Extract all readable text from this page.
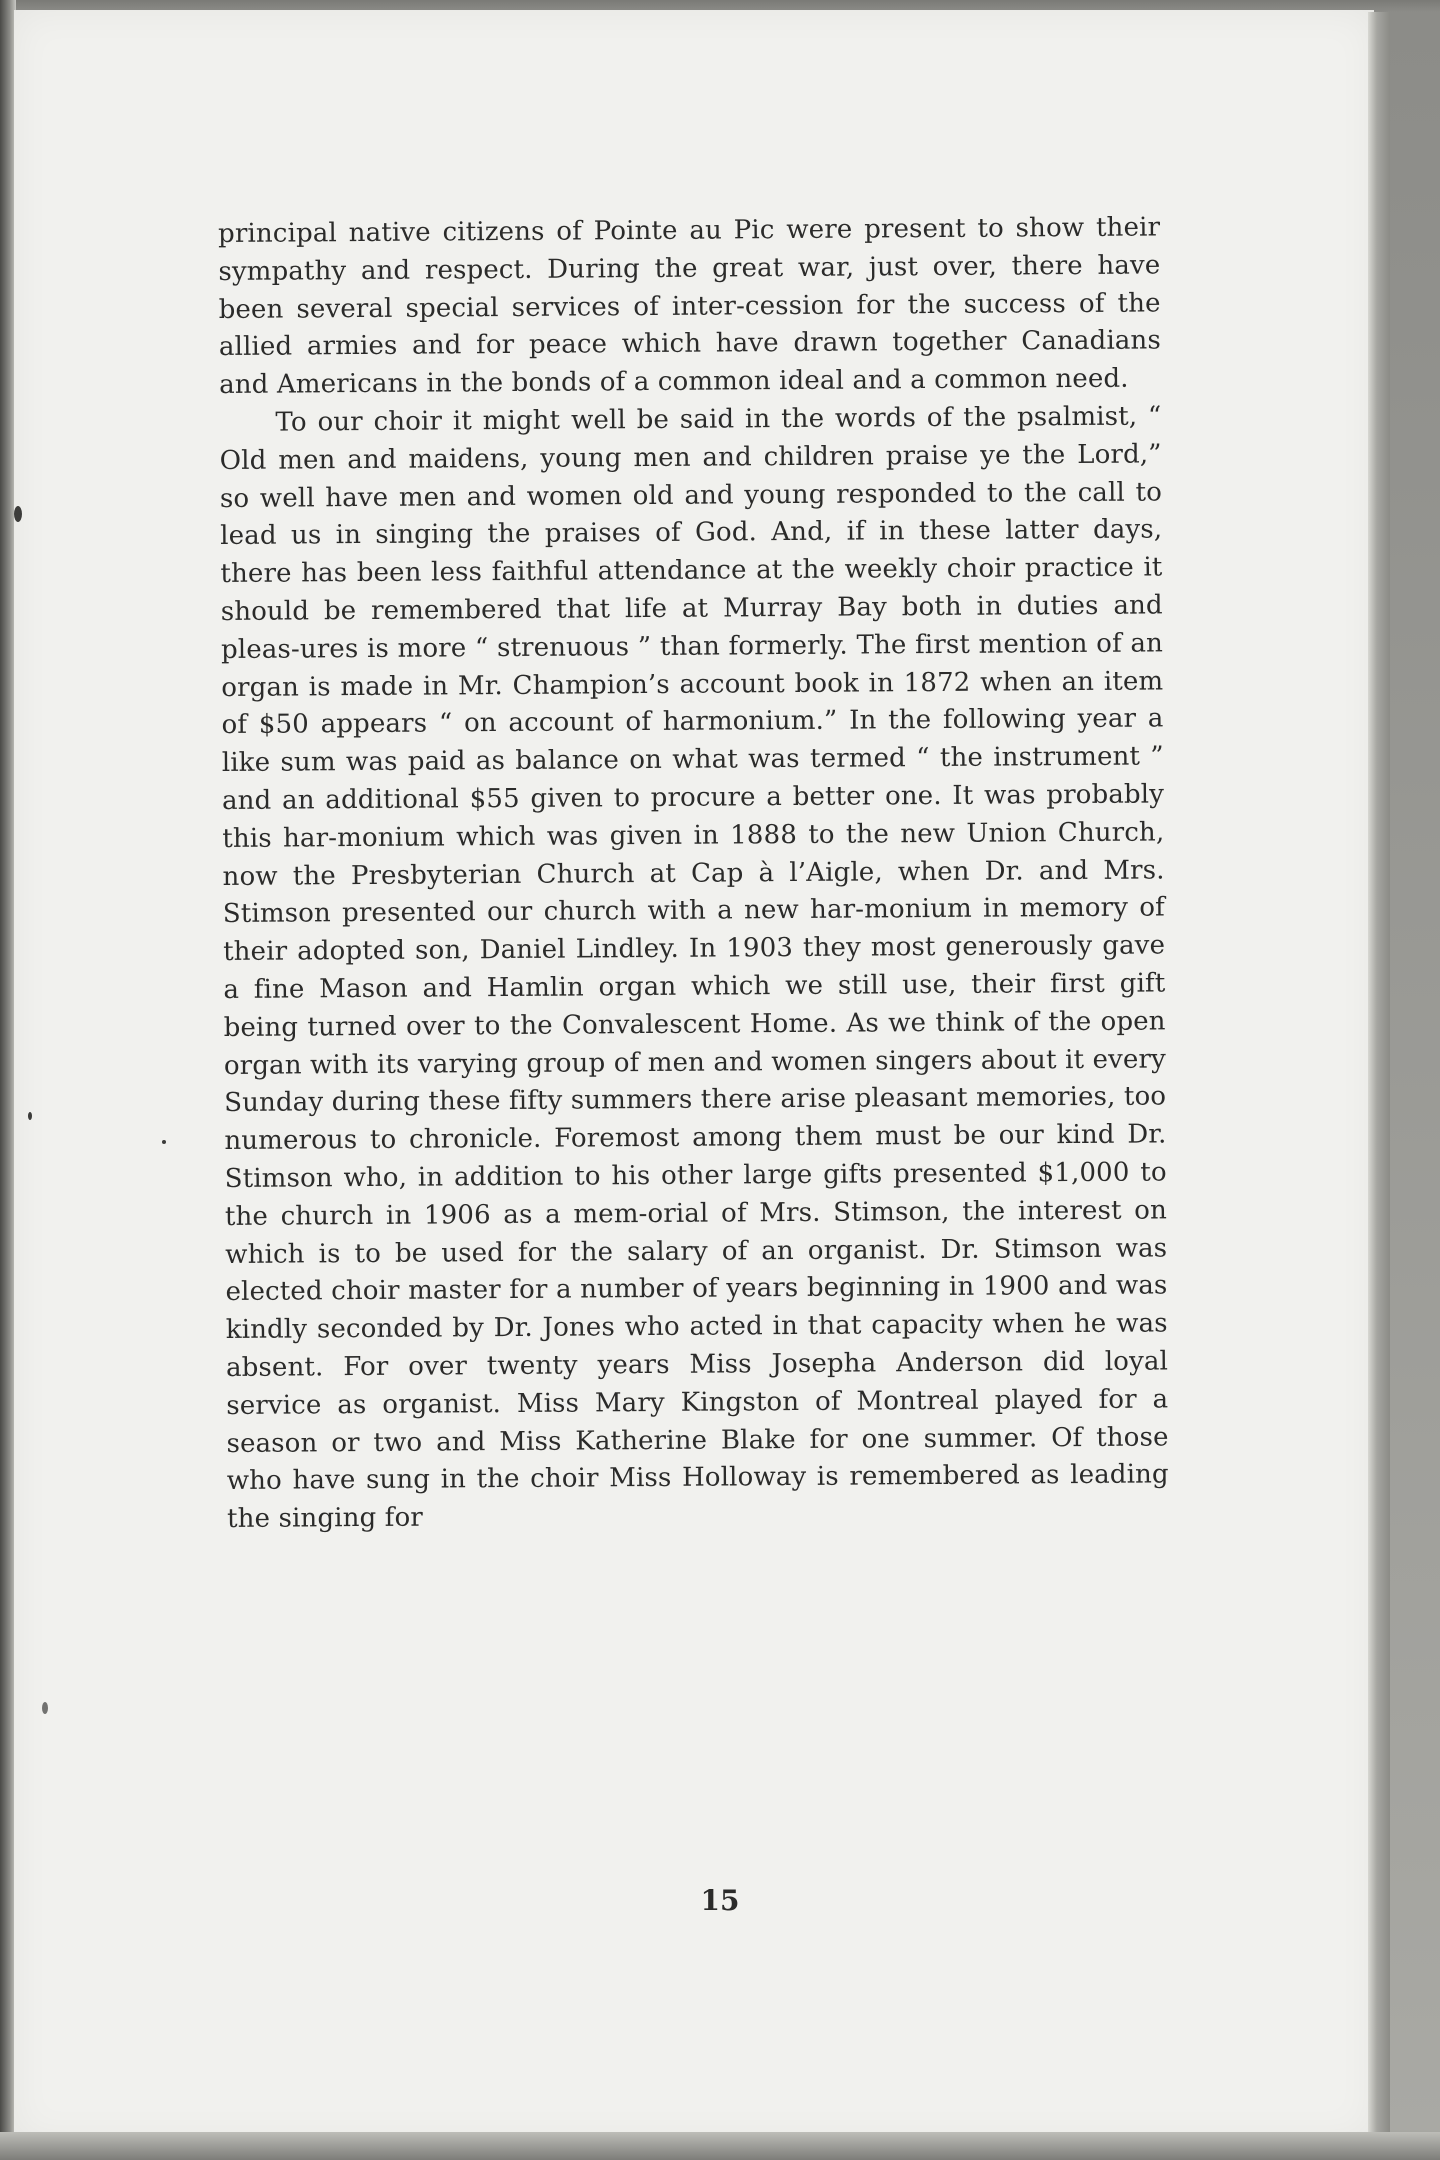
principal native citizens of Pointe au Pic were present to show their sympathy and respect. During the great war, just over, there have been several special services of inter-cession for the success of the allied armies and for peace which have drawn together Canadians and Americans in the bonds of a common ideal and a common need.

To our choir it might well be said in the words of the psalmist, “ Old men and maidens, young men and children praise ye the Lord,” so well have men and women old and young responded to the call to lead us in singing the praises of God. And, if in these latter days, there has been less faithful attendance at the weekly choir practice it should be remembered that life at Murray Bay both in duties and pleas-ures is more “ strenuous ” than formerly. The first mention of an organ is made in Mr. Champion’s account book in 1872 when an item of $50 appears “ on account of harmonium.” In the following year a like sum was paid as balance on what was termed “ the instrument ” and an additional $55 given to procure a better one. It was probably this har-monium which was given in 1888 to the new Union Church, now the Presbyterian Church at Cap à l’Aigle, when Dr. and Mrs. Stimson presented our church with a new har-monium in memory of their adopted son, Daniel Lindley. In 1903 they most generously gave a fine Mason and Hamlin organ which we still use, their first gift being turned over to the Convalescent Home. As we think of the open organ with its varying group of men and women singers about it every Sunday during these fifty summers there arise pleasant memories, too numerous to chronicle. Foremost among them must be our kind Dr. Stimson who, in addition to his other large gifts presented $1,000 to the church in 1906 as a mem-orial of Mrs. Stimson, the interest on which is to be used for the salary of an organist. Dr. Stimson was elected choir master for a number of years beginning in 1900 and was kindly seconded by Dr. Jones who acted in that capacity when he was absent. For over twenty years Miss Josepha Anderson did loyal service as organist. Miss Mary Kingston of Montreal played for a season or two and Miss Katherine Blake for one summer. Of those who have sung in the choir Miss Holloway is remembered as leading the singing for

15
